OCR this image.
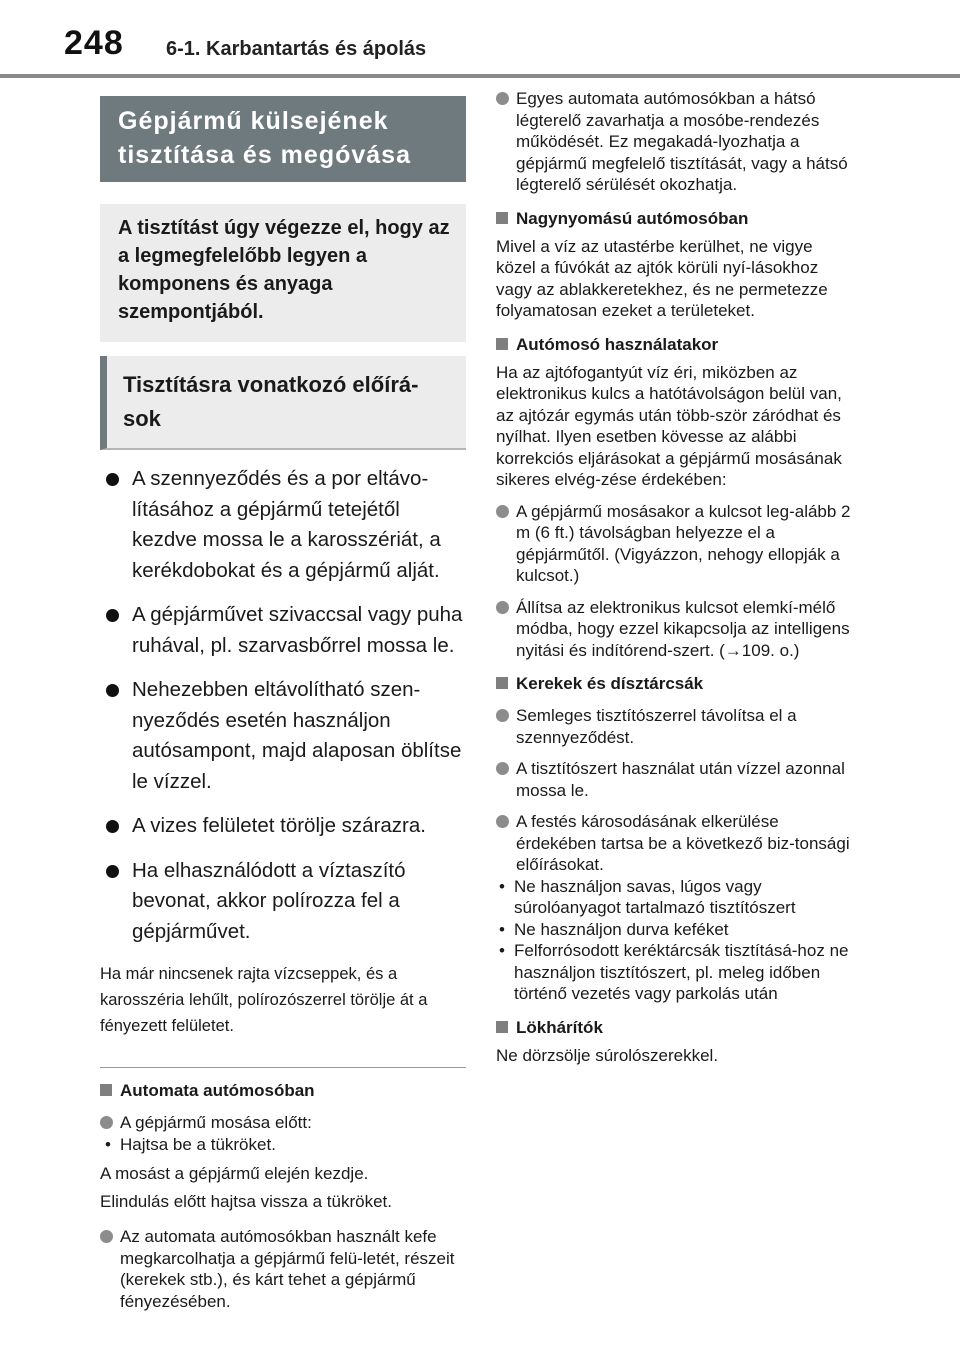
248 6-1. Karbantartás és ápolás
Gépjármű külsejének tisztítása és megóvása
A tisztítást úgy végezze el, hogy az a legmegfelelőbb legyen a komponens és anyaga szempontjából.
Tisztításra vonatkozó előírá-sok
A szennyeződés és a por eltávo-lításához a gépjármű tetejétől kezdve mossa le a karosszériát, a kerékdobokat és a gépjármű alját.
A gépjárművet szivaccsal vagy puha ruhával, pl. szarvasbőrrel mossa le.
Nehezebben eltávolítható szen-nyeződés esetén használjon autósampont, majd alaposan öblítse le vízzel.
A vizes felületet törölje szárazra.
Ha elhasználódott a víztaszító bevonat, akkor polírozza fel a gépjárművet.
Ha már nincsenek rajta vízcseppek, és a karosszéria lehűlt, polírozószerrel törölje át a fényezett felületet.
Automata autómosóban
A gépjármű mosása előtt:
• Hajtsa be a tükröket.
A mosást a gépjármű elején kezdje.
Elindulás előtt hajtsa vissza a tükröket.
Az automata autómosókban használt kefe megkarcolhatja a gépjármű felü-letét, részeit (kerekek stb.), és kárt tehet a gépjármű fényezésében.
Egyes automata autómosókban a hátsó légterelő zavarhatja a mosóbe-rendezés működését. Ez megakadá-lyozhatja a gépjármű megfelelő tisztítását, vagy a hátsó légterelő sérülését okozhatja.
Nagynyomású autómosóban
Mivel a víz az utastérbe kerülhet, ne vigye közel a fúvókát az ajtók körüli nyí-lásokhoz vagy az ablakkeretekhez, és ne permetezze folyamatosan ezeket a területeket.
Autómosó használatakor
Ha az ajtófogantyút víz éri, miközben az elektronikus kulcs a hatótávolságon belül van, az ajtózár egymás után több-ször záródhat és nyílhat. Ilyen esetben kövesse az alábbi korrekciós eljárásokat a gépjármű mosásának sikeres elvég-zése érdekében:
A gépjármű mosásakor a kulcsot leg-alább 2 m (6 ft.) távolságban helyezze el a gépjárműtől. (Vigyázzon, nehogy ellopják a kulcsot.)
Állítsa az elektronikus kulcsot elemkí-mélő módba, hogy ezzel kikapcsolja az intelligens nyitási és indítórend-szert. (→109. o.)
Kerekek és dísztárcsák
Semleges tisztítószerrel távolítsa el a szennyeződést.
A tisztítószert használat után vízzel azonnal mossa le.
A festés károsodásának elkerülése érdekében tartsa be a következő biz-tonsági előírásokat.
• Ne használjon savas, lúgos vagy súrolóanyagot tartalmazó tisztítószert
• Ne használjon durva keféket
• Felforrósodott keréktárcsák tisztításá-hoz ne használjon tisztítószert, pl. meleg időben történő vezetés vagy parkolás után
Lökhárítók
Ne dörzsölje súrolószerekkel.
